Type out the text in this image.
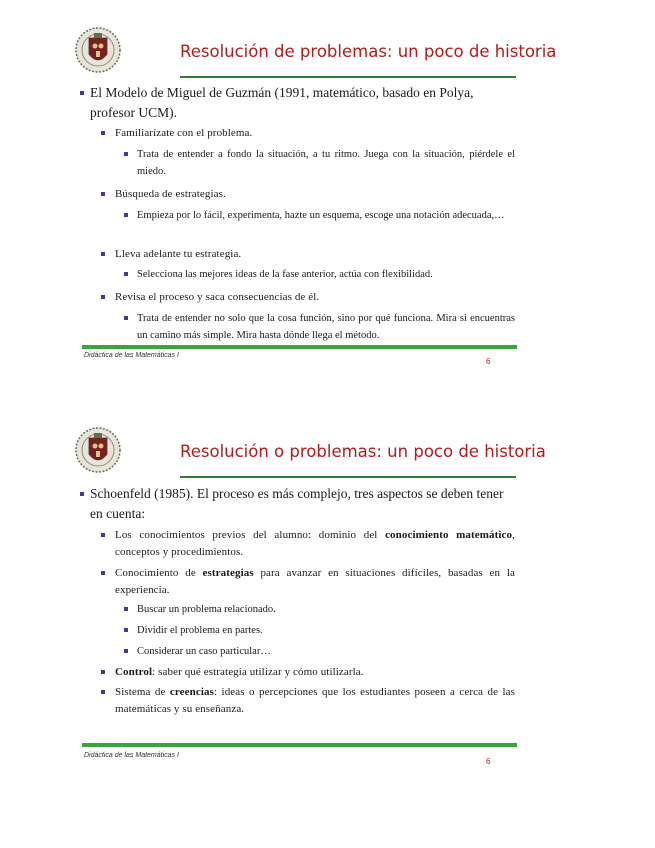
Resolución de problemas: un poco de historia
El Modelo de Miguel de Guzmán (1991, matemático, basado en Polya, profesor UCM).
Familiarízate con el problema.
Trata de entender a fondo la situación, a tu ritmo. Juega con la situación, piérdele el miedo.
Búsqueda de estrategias.
Empieza por lo fácil, experimenta, hazte un esquema, escoge una notación adecuada,…
Lleva adelante tu estrategia.
Selecciona las mejores ideas de la fase anterior, actúa con flexibilidad.
Revisa el proceso y saca consecuencias de él.
Trata de entender no solo que la cosa función, sino por qué funciona. Mira si encuentras un camino más simple. Mira hasta dónde llega el método.
Didáctica de las Matemáticas I
6
Resolución o problemas: un poco de historia
Schoenfeld (1985). El proceso es más complejo, tres aspectos se deben tener en cuenta:
Los conocimientos previos del alumno: dominio del conocimiento matemático, conceptos y procedimientos.
Conocimiento de estrategias para avanzar en situaciones difíciles, basadas en la experiencia.
Buscar un problema relacionado.
Dividir el problema en partes.
Considerar un caso particular…
Control: saber qué estrategia utilizar y cómo utilizarla.
Sistema de creencias: ideas o percepciones que los estudiantes poseen a cerca de las matemáticas y su enseñanza.
Didáctica de las Matemáticas I
6
